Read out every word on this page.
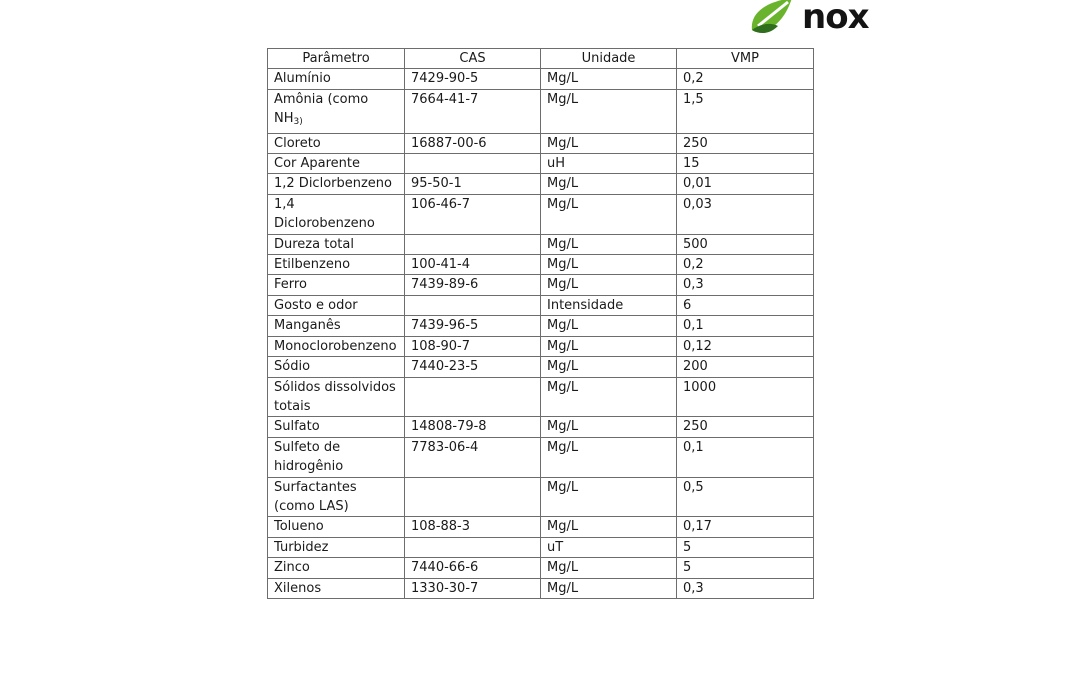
nox
Parâmetro	CAS	Unidade	VMP
Alumínio	7429-90-5	Mg/L	0,2
Amônia (como $NH_{3)}$	7664-41-7	Mg/L	1,5
Cloreto	16887-00-6	Mg/L	250
Cor Aparente		uH	15
1,2 Diclorbenzeno	95-50-1	Mg/L	0,01
1,4 Diclorobenzeno	106-46-7	Mg/L	0,03
Dureza total		Mg/L	500
Etilbenzeno	100-41-4	Mg/L	0,2
Ferro	7439-89-6	Mg/L	0,3
Gosto e odor		Intensidade	6
Manganês	7439-96-5	Mg/L	0,1
Monoclorobenzeno	108-90-7	Mg/L	0,12
Sódio	7440-23-5	Mg/L	200
Sólidos dissolvidos totais		Mg/L	1000
Sulfato	14808-79-8	Mg/L	250
Sulfeto de hidrogênio	7783-06-4	Mg/L	0,1
Surfactantes (como LAS)		Mg/L	0,5
Tolueno	108-88-3	Mg/L	0,17
Turbidez		uT	5
Zinco	7440-66-6	Mg/L	5
Xilenos	1330-30-7	Mg/L	0,3
